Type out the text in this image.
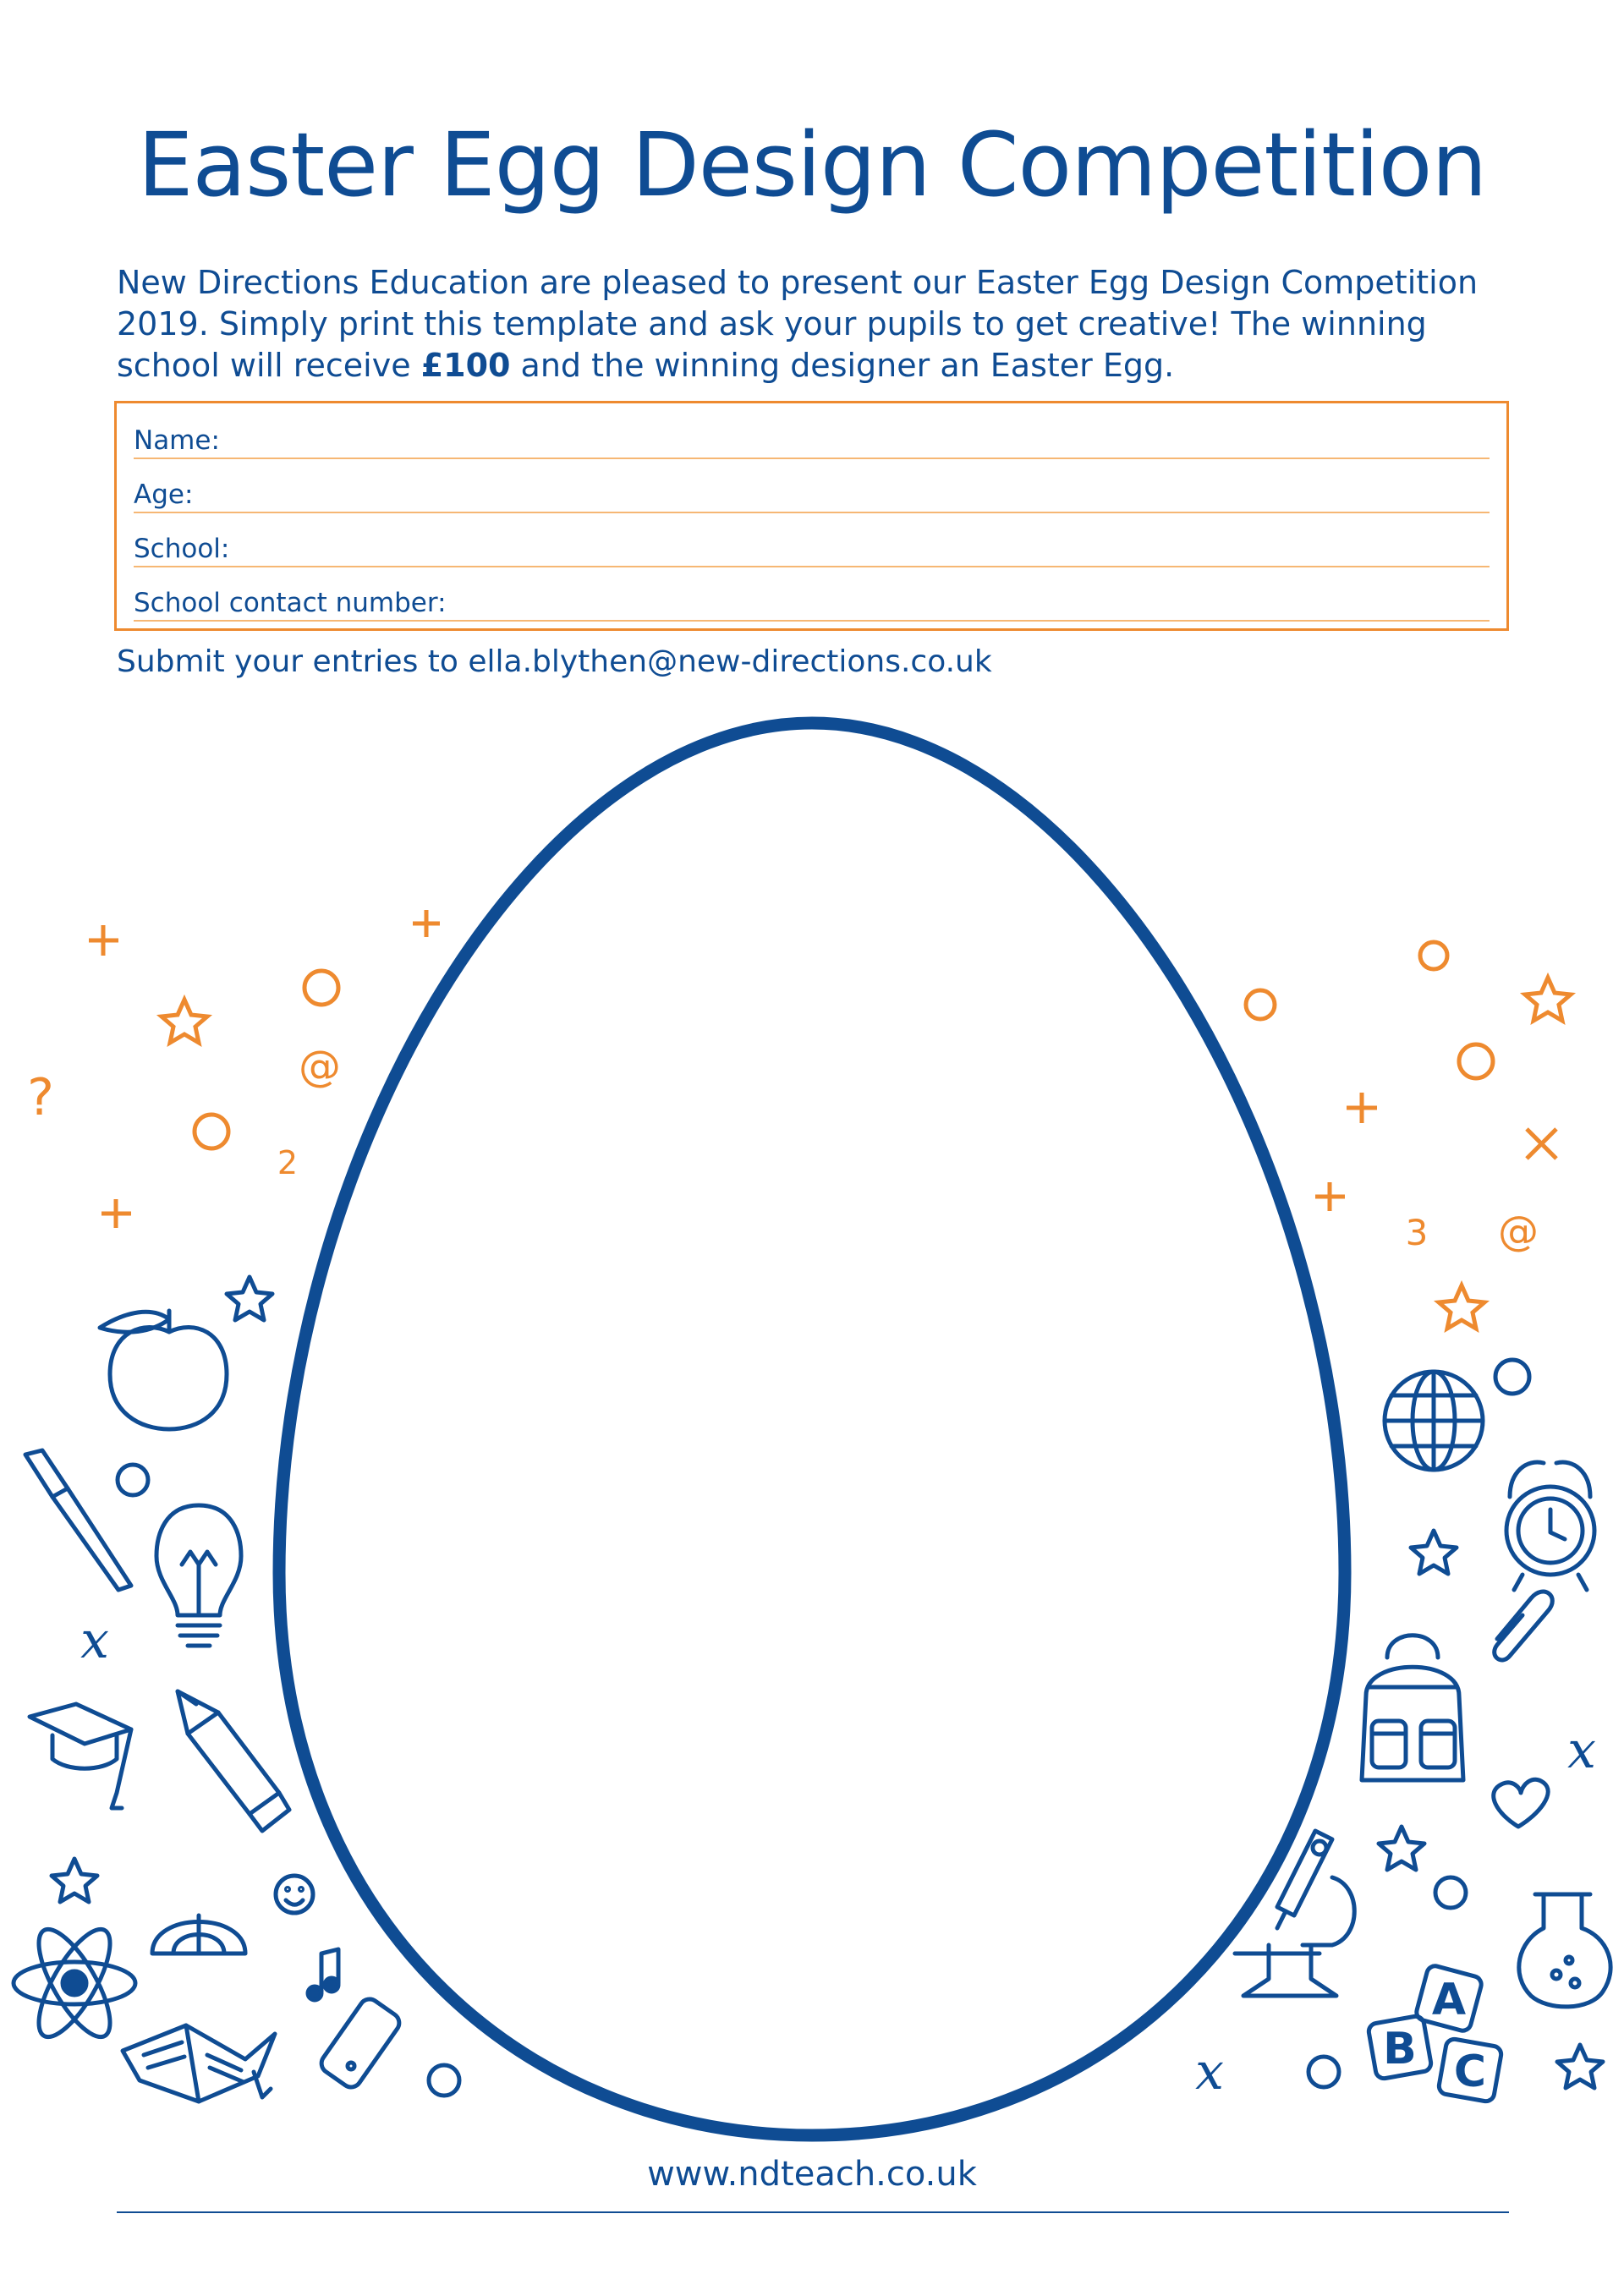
Easter Egg Design Competition

New Directions Education are pleased to present our Easter Egg Design Competition 2019. Simply print this template and ask your pupils to get creative! The winning school will receive £100 and the winning designer an Easter Egg.

Name:
Age:
School:
School contact number:
Submit your entries to ella.blythen@new-directions.co.uk
@
?
2
3 @
x
x
A
B C
x
www.ndteach.co.uk
